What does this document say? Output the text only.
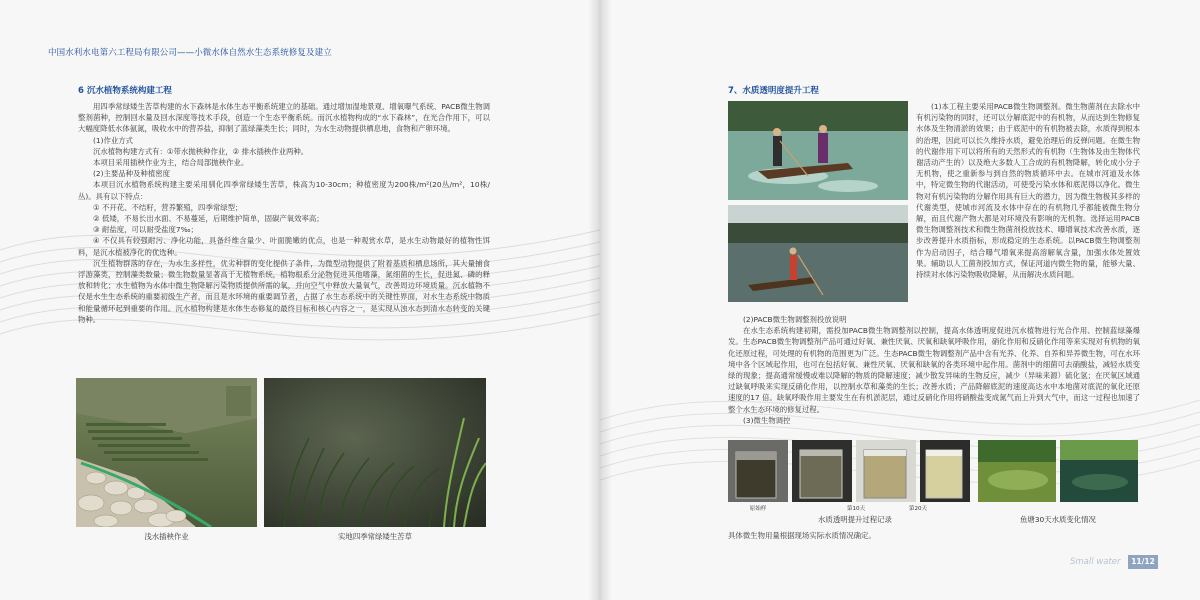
中国水利水电第六工程局有限公司——小微水体自然水生态系统修复及建立
6 沉水植物系统构建工程

用四季常绿矮生苦草构建的水下森林是水体生态平衡系统建立的基础。通过增加湿地景观、增氧曝气系统、PACB微生物调整剂菌种，控制回水量及回水深度等技术手段，创造一个生态平衡系统。而沉水植物构成的“水下森林”，在光合作用下，可以大幅度降低水体氨氮，吸收水中的营养盐，抑制了蓝绿藻类生长；同时，为水生动物提供栖息地，食物和产卵环境。

(1)作业方式

沉水植物构建方式有：①带水抛秧种作业，② 排水插秧作业两种。

本项目采用插秧作业为主，结合局部抛秧作业。

(2)主要品种及种植密度

本项目沉水植物系统构建主要采用驯化四季常绿矮生苦草，株高为10-30cm；种植密度为200株/m²(20丛/m²，10株/丛)。具有以下特点：

① 不开花、不结籽，营养繁殖，四季常绿型；

② 低矮，不易长出水面、不易蔓延，后期维护简单，固碳产氧效率高；

③ 耐盐度，可以耐受盐度7‰；

④ 不仅具有较强耐污、净化功能，具备纤维含量少、叶面脆嫩的优点，也是一种观赏水草，是水生动物最好的植物性饵料，是沉水植被净化的优选种。

沉生植物群落的存在，为水生多样性，优劣种群的变化提供了条件，为微型动物提供了附着基质和栖息场所，其大量捕食浮游藻类，控制藻类数量；微生物数量显著高于无植物系统，植物根系分泌物促进其他嗜藻，氮细菌的生长，促进氮、磷的释放和转化；水生植物为水体中微生物降解污染物质提供所需的氧，并向空气中释放大量氧气，改善周边环境质量。沉水植物不仅是水生生态系统的重要初级生产者，而且是水环境的重要调节者，占据了水生态系统中的关键性界面，对水生态系统中物质和能量循环起到重要的作用。沉水植物构建是水体生态修复的最终目标和核心内容之一，是实现从浊水态到清水态转变的关键物种。

浅水插秧作业	实地四季常绿矮生苦草
7、水质透明度提升工程

(1)本工程主要采用PACB微生物调整剂。微生物菌剂在去除水中有机污染物的同时，还可以分解底泥中的有机物，从而达到生物修复水体及生物清淤的效果；由于底泥中的有机物被去除，水质得到根本的治理，因此可以长久维持水质，避免治理后的反弹问题。在微生物的代谢作用下可以将所有的天然形式的有机物（生物体及由生物体代谢活动产生的）以及绝大多数人工合成的有机物降解，转化成小分子无机物，使之重新参与到自然的物质循环中去。在城市河道及水体中，特定微生物的代谢活动，可使受污染水体和底泥得以净化。微生物对有机污染物的分解作用具有巨大的潜力，因为微生物极其多样的代谢类型，使城市河流及水体中存在的有机物几乎都能被微生物分解，而且代谢产物大都是对环境没有影响的无机物。选择运用PACB微生物调整剂技术和微生物菌剂投放技术、曝增氧技术改善水质，逐步改善提升水质指标，形成稳定的生态系统。以PACB微生物调整剂作为启动因子，结合曝气增氧来提高溶解氧含量，加强水体处置效果。辅助以人工菌剂投加方式，保证河道内微生物的量，能够大量、持续对水体污染物吸收降解，从而解决水质问题。

(2)PACB微生物调整剂投放说明

在水生态系统构建初期，需投加PACB微生物调整剂以控制，提高水体透明度促进沉水植物进行光合作用、控制蓝绿藻爆发。生态PACB微生物调整剂产品可通过好氧、兼性厌氧、厌氧和缺氧呼吸作用，硝化作用和反硝化作用等来实现对有机物的氧化还原过程，可处理的有机物的范围更为广泛。生态PACB微生物调整剂产品中含有光养、化养、自养和异养微生物，可在水环境中各个区域起作用，也可在包括好氧、兼性厌氧、厌氧和缺氧的各类环境中起作用。菌剂中的细菌可去硝酸盐，减轻水质变绿的现象；提高通常缓慢或难以降解的物质的降解速度；减少散发异味的生物反应，减少（异味来源）硫化氢；在厌氧区域通过缺氧呼吸来实现反硝化作用，以控制水草和藻类的生长；改善水质；产品降解底泥的速度高达水中本地菌对底泥的氧化还原速度的17 倍。缺氧呼吸作用主要发生在有机淤泥层，通过反硝化作用将硝酸盐变成氮气而上升到大气中，而这一过程也加速了整个水生态环境的修复过程。

(3)微生物调控

原始样	第10天	第20天
水质透明提升过程记录	鱼塘30天水质变化情况
具体微生物用量根据现场实际水质情况确定。
Small water	11/12
